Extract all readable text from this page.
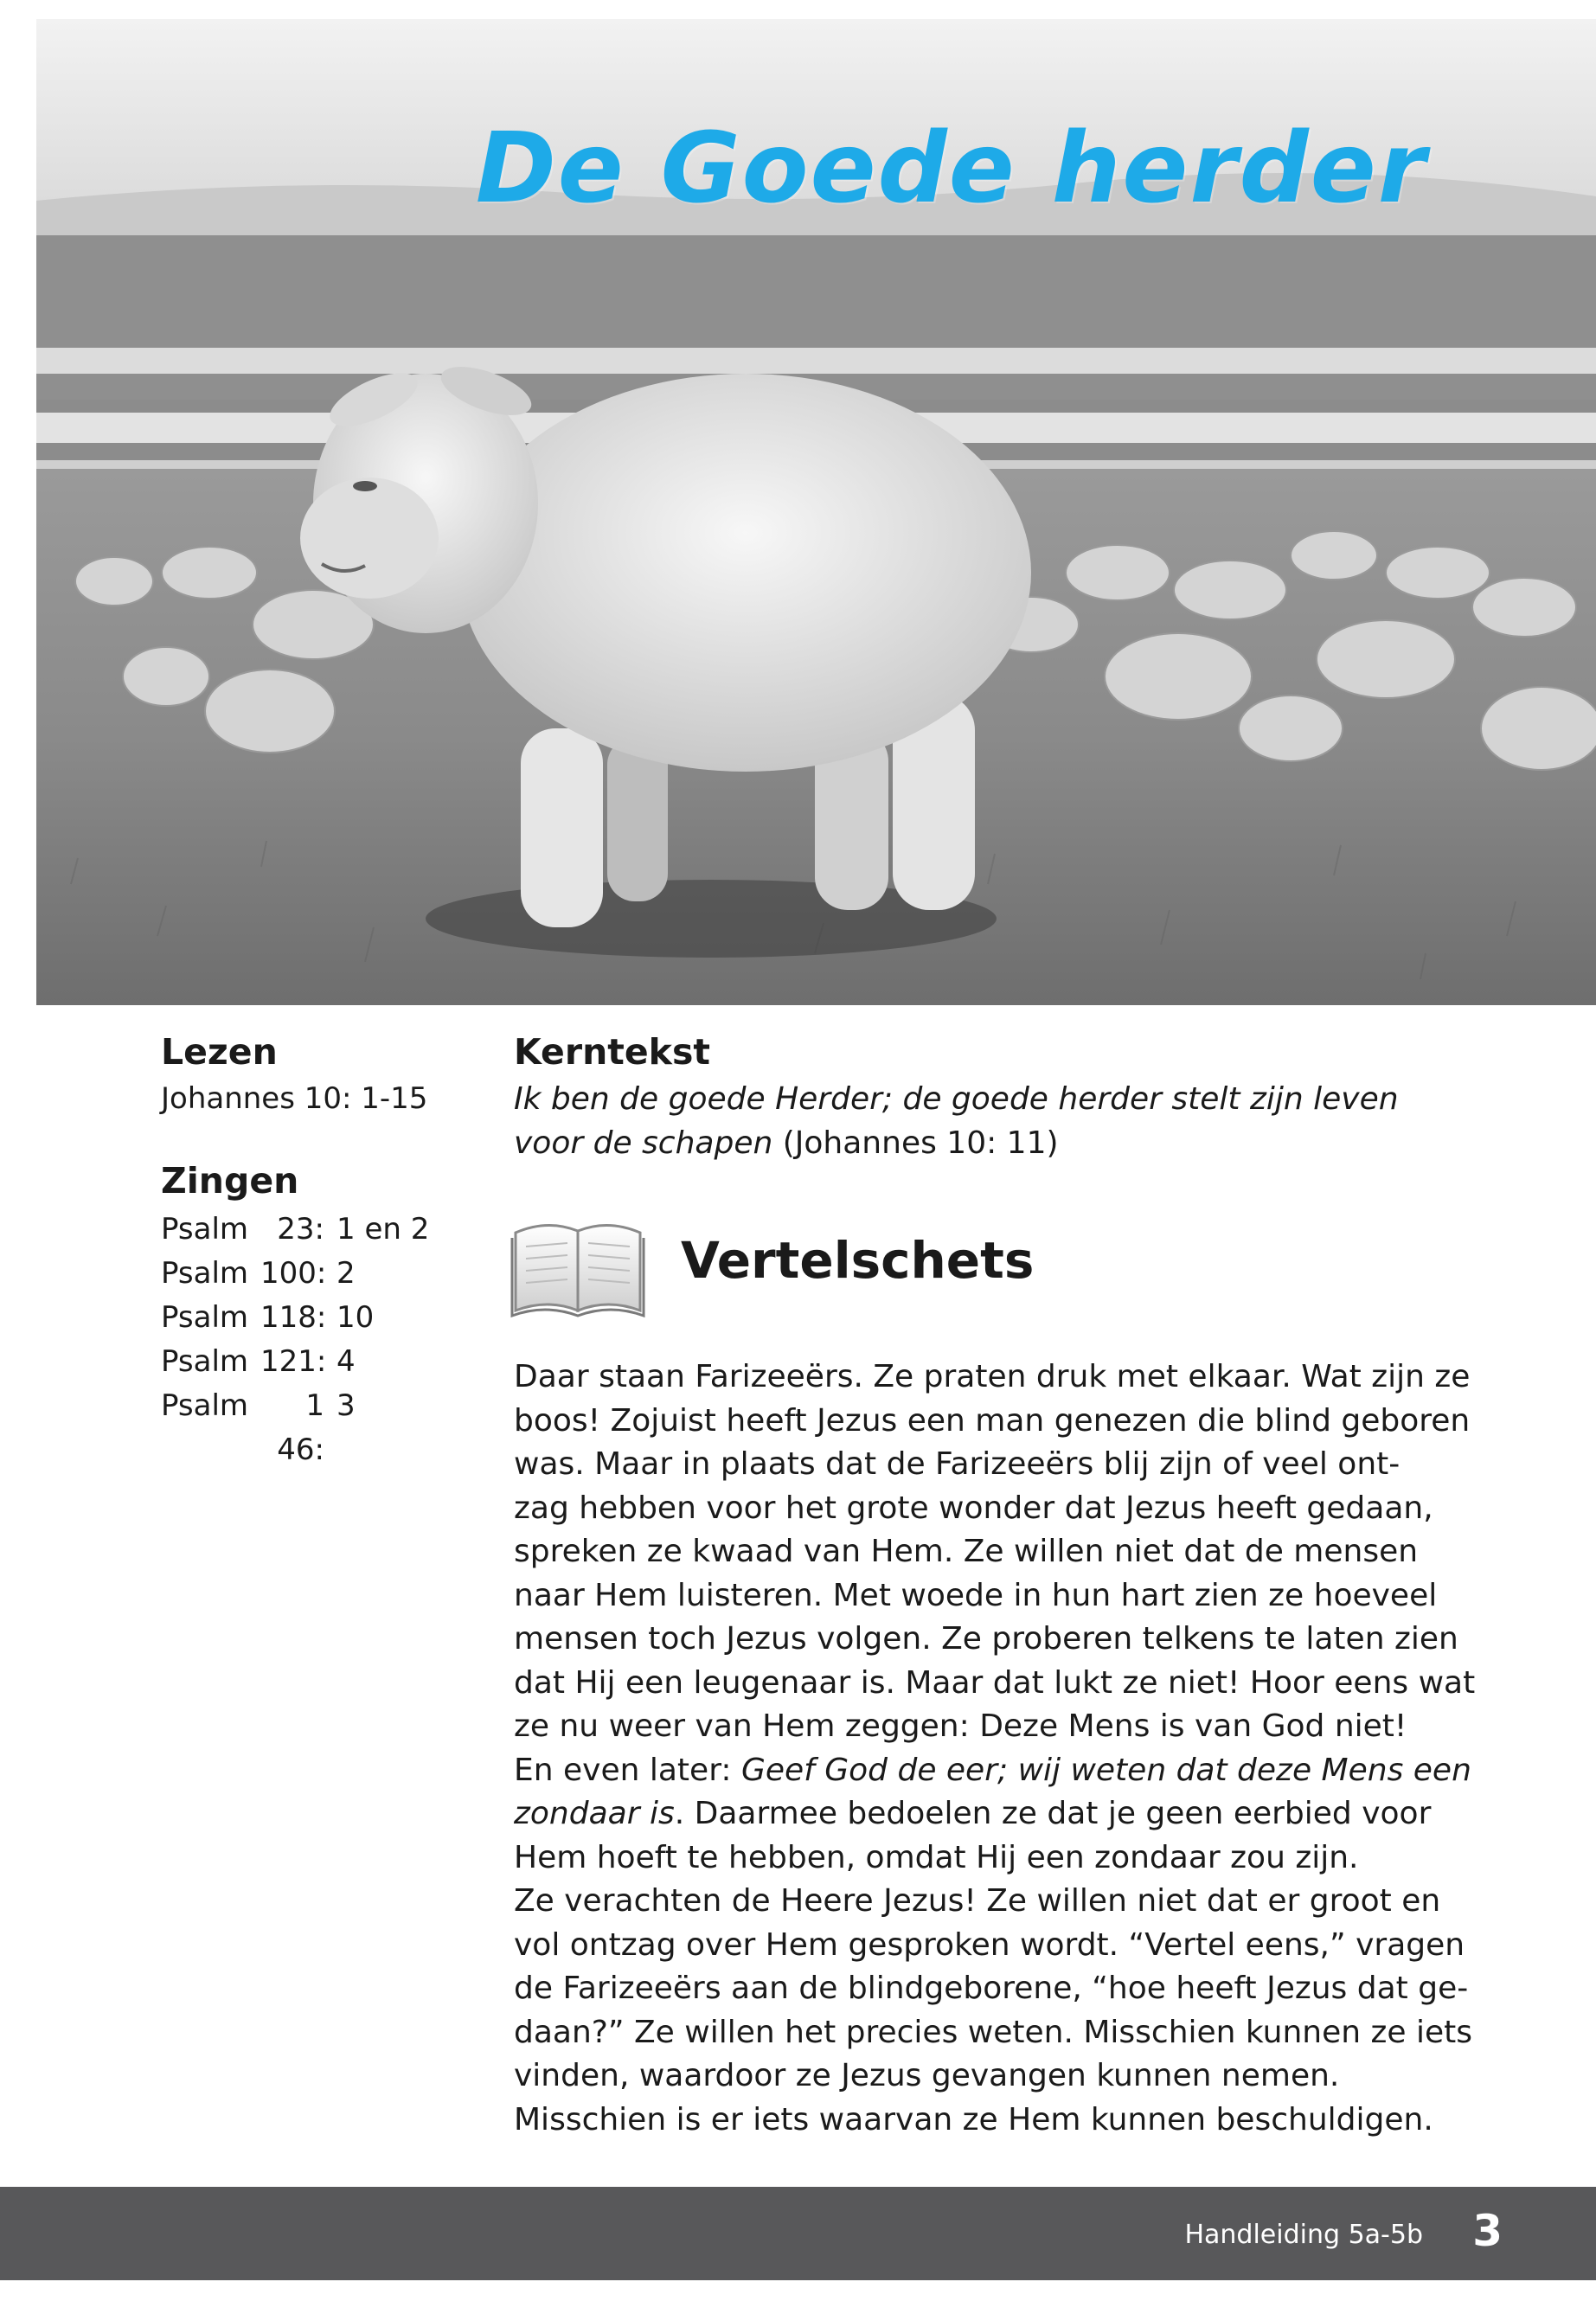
De Goede herder
Lezen
Johannes 10: 1-15
Zingen
Psalm 23: 1 en 2
Psalm 100: 2
Psalm 118: 10
Psalm 121: 4
Psalm	1 46:
3
Kerntekst
Ik ben de goede Herder; de goede herder stelt zijn leven
voor de schapen (Johannes 10: 11)
Vertelschets

Daar staan Farizeeërs. Ze praten druk met elkaar. Wat zijn ze

boos! Zojuist heeft Jezus een man genezen die blind geboren

was. Maar in plaats dat de Farizeeërs blij zijn of veel ont-

zag hebben voor het grote wonder dat Jezus heeft gedaan,

spreken ze kwaad van Hem. Ze willen niet dat de mensen

naar Hem luisteren. Met woede in hun hart zien ze hoeveel

mensen toch Jezus volgen. Ze proberen telkens te laten zien

dat Hij een leugenaar is. Maar dat lukt ze niet! Hoor eens wat

ze nu weer van Hem zeggen: Deze Mens is van God niet!

En even later: Geef God de eer; wij weten dat deze Mens een

zondaar is. Daarmee bedoelen ze dat je geen eerbied voor

Hem hoeft te hebben, omdat Hij een zondaar zou zijn.

Ze verachten de Heere Jezus! Ze willen niet dat er groot en

vol ontzag over Hem gesproken wordt. “Vertel eens,” vragen

de Farizeeërs aan de blindgeborene, “hoe heeft Jezus dat ge-

daan?” Ze willen het precies weten. Misschien kunnen ze iets

vinden, waardoor ze Jezus gevangen kunnen nemen.

Misschien is er iets waarvan ze Hem kunnen beschuldigen.

Handleiding 5a-5b 3
